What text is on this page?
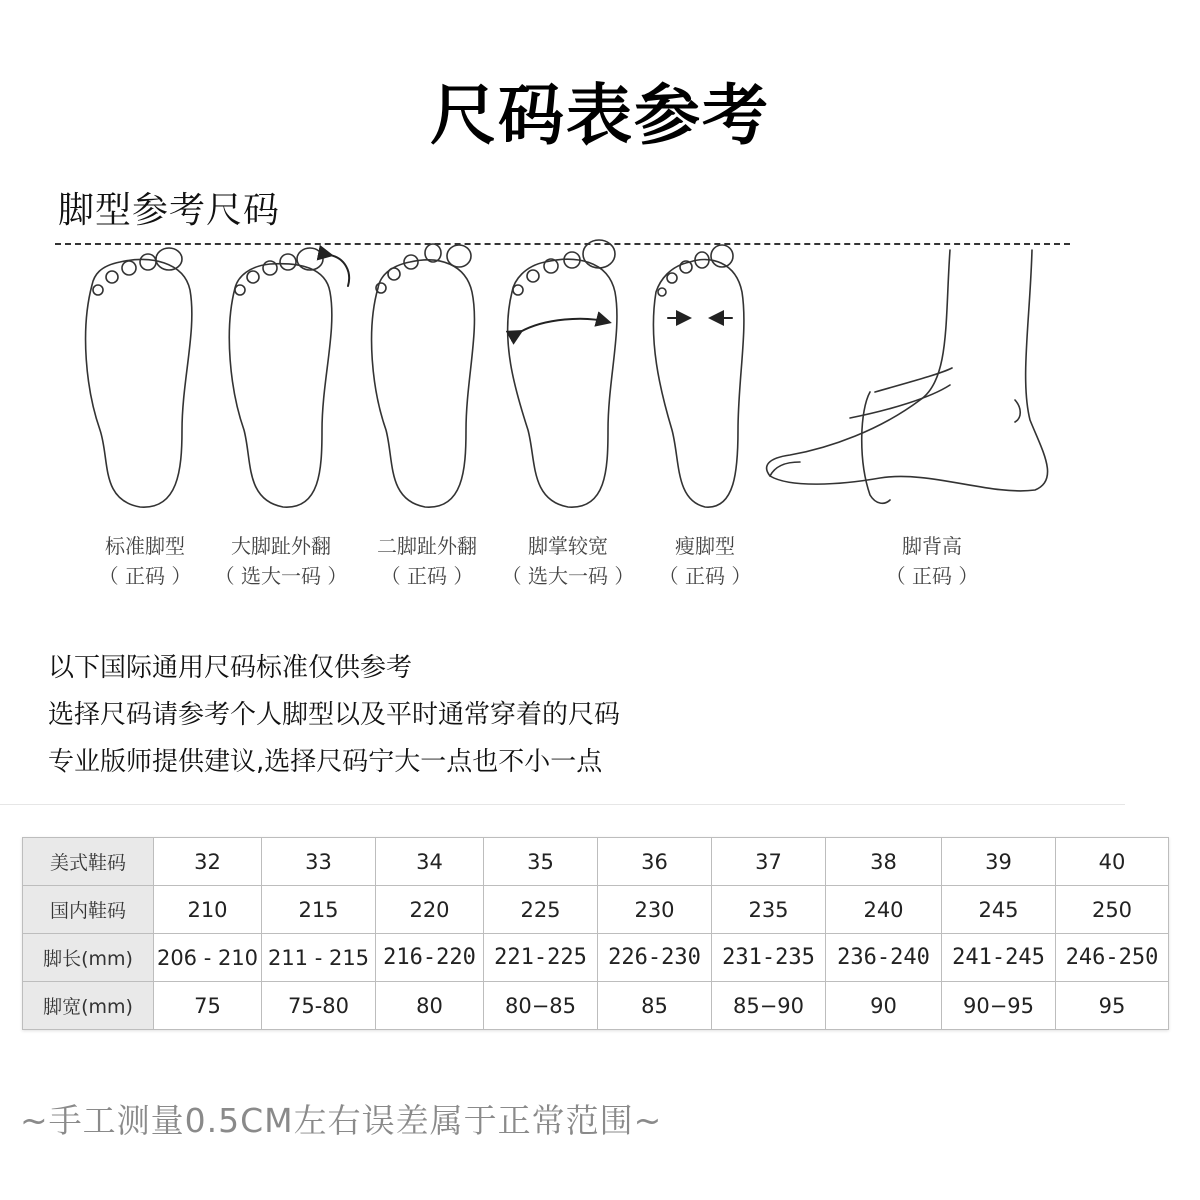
尺码表参考
脚型参考尺码
标准脚型
（ 正码 ）
大脚趾外翻
（ 选大一码 ）
二脚趾外翻
（ 正码 ）
脚掌较宽
（ 选大一码 ）
瘦脚型
（ 正码 ）
脚背高
（ 正码 ）
以下国际通用尺码标准仅供参考
选择尺码请参考个人脚型以及平时通常穿着的尺码
专业版师提供建议,选择尺码宁大一点也不小一点
美式鞋码	32	33	34	35	36	37	38	39	40
国内鞋码	210	215	220	225	230	235	240	245	250
脚长(mm)	206 - 210	211 - 215	216-220	221-225	226-230	231-235	236-240	241-245	246-250
脚宽(mm)	75	75-80	80	80−85	85	85−90	90	90−95	95
~手工测量0.5CM左右误差属于正常范围~
